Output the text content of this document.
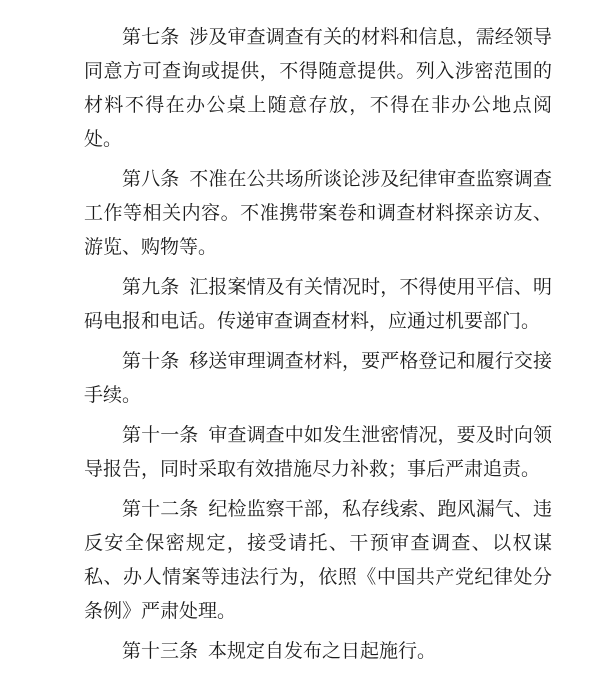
第七条 涉及审查调查有关的材料和信息，需经领导同意方可查询或提供，不得随意提供。列入涉密范围的材料不得在办公桌上随意存放，不得在非办公地点阅处。

第八条 不准在公共场所谈论涉及纪律审查监察调查工作等相关内容。不准携带案卷和调查材料探亲访友、游览、购物等。

第九条 汇报案情及有关情况时，不得使用平信、明码电报和电话。传递审查调查材料，应通过机要部门。

第十条 移送审理调查材料，要严格登记和履行交接手续。

第十一条 审查调查中如发生泄密情况，要及时向领导报告，同时采取有效措施尽力补救；事后严肃追责。

第十二条 纪检监察干部，私存线索、跑风漏气、违反安全保密规定，接受请托、干预审查调查、以权谋私、办人情案等违法行为，依照《中国共产党纪律处分条例》严肃处理。

第十三条 本规定自发布之日起施行。
